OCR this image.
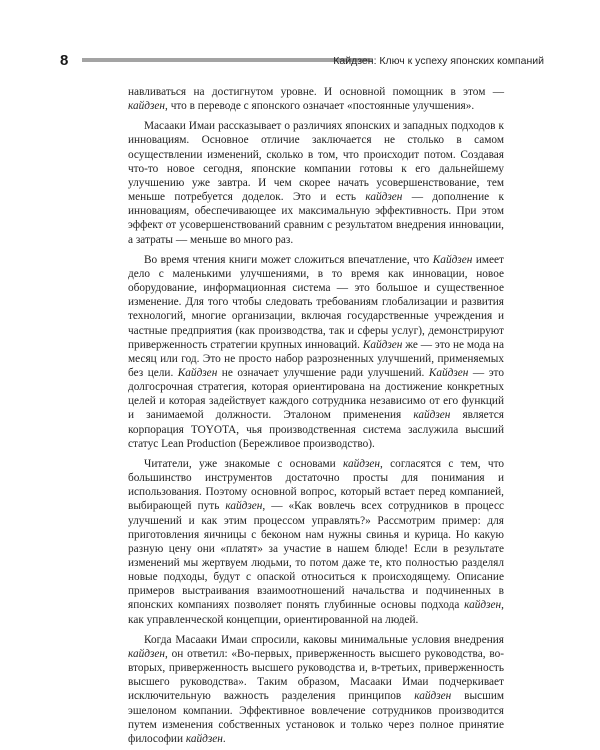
8	Кайдзен: Ключ к успеху японских компаний

навливаться на достигнутом уровне. И основной помощник в этом — кайдзен, что в переводе с японского означает «постоянные улучшения».

Масааки Имаи рассказывает о различиях японских и западных подходов к инновациям. Основное отличие заключается не столько в самом осуществлении изменений, сколько в том, что происходит потом. Создавая что-то новое сегодня, японские компании готовы к его дальнейшему улучшению уже завтра. И чем скорее начать усовершенствование, тем меньше потребуется доделок. Это и есть кайдзен — дополнение к инновациям, обеспечивающее их максимальную эффективность. При этом эффект от усовершенствований сравним с результатом внедрения инновации, а затраты — меньше во много раз.

Во время чтения книги может сложиться впечатление, что Кайдзен имеет дело с маленькими улучшениями, в то время как инновации, новое оборудование, информационная система — это большое и существенное изменение. Для того чтобы следовать требованиям глобализации и развития технологий, многие организации, включая государственные учреждения и частные предприятия (как производства, так и сферы услуг), демонстрируют приверженность стратегии крупных инноваций. Кайдзен же — это не мода на месяц или год. Это не просто набор разрозненных улучшений, применяемых без цели. Кайдзен не означает улучшение ради улучшений. Кайдзен — это долгосрочная стратегия, которая ориентирована на достижение конкретных целей и которая задействует каждого сотрудника независимо от его функций и занимаемой должности. Эталоном применения кайдзен является корпорация TOYOTA, чья производственная система заслужила высший статус Lean Production (Бережливое производство).

Читатели, уже знакомые с основами кайдзен, согласятся с тем, что большинство инструментов достаточно просты для понимания и использования. Поэтому основной вопрос, который встает перед компанией, выбирающей путь кайдзен, — «Как вовлечь всех сотрудников в процесс улучшений и как этим процессом управлять?» Рассмотрим пример: для приготовления яичницы с беконом нам нужны свинья и курица. Но какую разную цену они «платят» за участие в нашем блюде! Если в результате изменений мы жертвуем людьми, то потом даже те, кто полностью разделял новые подходы, будут с опаской относиться к происходящему. Описание примеров выстраивания взаимоотношений начальства и подчиненных в японских компаниях позволяет понять глубинные основы подхода кайдзен, как управленческой концепции, ориентированной на людей.

Когда Масааки Имаи спросили, каковы минимальные условия внедрения кайдзен, он ответил: «Во-первых, приверженность высшего руководства, во-вторых, приверженность высшего руководства и, в-третьих, приверженность высшего руководства». Таким образом, Масааки Имаи подчеркивает исключительную важность разделения принципов кайдзен высшим эшелоном компании. Эффективное вовлечение сотрудников производится путем изменения собственных установок и только через полное принятие философии кайдзен.
